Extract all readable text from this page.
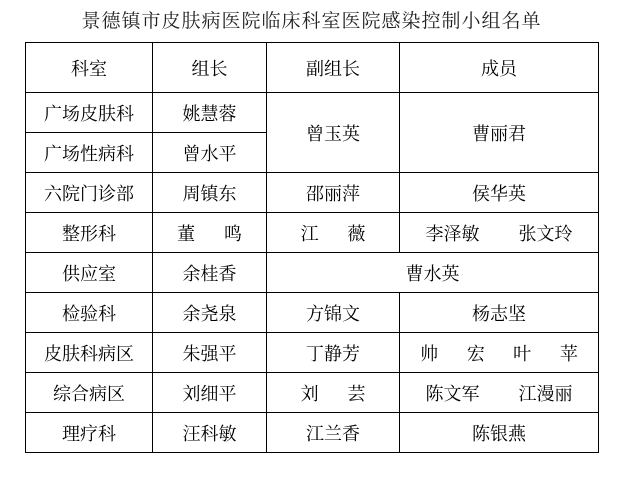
景德镇市皮肤病医院临床科室医院感染控制小组名单
科室	组长	副组长	成员
广场皮肤科	姚慧蓉	曾玉英	曹丽君
广场性病科	曾水平		
六院门诊部	周镇东	邵丽萍	侯华英
整形科	董 鸣	江 薇	李泽敏 张文玲

供应室	余桂香	曹水英	
检验科	余尧泉	方锦文	杨志坚
皮肤科病区	朱强平	丁静芳	帅 宏 叶 苹

综合病区	刘细平	刘 芸	陈文军 江漫丽

理疗科	汪科敏	江兰香	陈银燕
